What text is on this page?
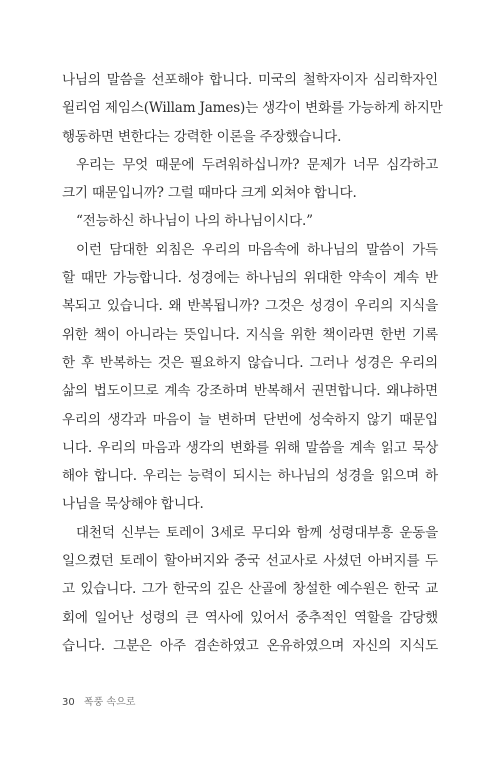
나님의 말씀을 선포해야 합니다. 미국의 철학자이자 심리학자인
윌리엄 제임스(Willam James)는 생각이 변화를 가능하게 하지만
행동하면 변한다는 강력한 이론을 주장했습니다.
우리는 무엇 때문에 두려워하십니까? 문제가 너무 심각하고
크기 때문입니까? 그럴 때마다 크게 외쳐야 합니다.
“전능하신 하나님이 나의 하나님이시다.”
이런 담대한 외침은 우리의 마음속에 하나님의 말씀이 가득
할 때만 가능합니다. 성경에는 하나님의 위대한 약속이 계속 반
복되고 있습니다. 왜 반복됩니까? 그것은 성경이 우리의 지식을
위한 책이 아니라는 뜻입니다. 지식을 위한 책이라면 한번 기록
한 후 반복하는 것은 필요하지 않습니다. 그러나 성경은 우리의
삶의 법도이므로 계속 강조하며 반복해서 권면합니다. 왜냐하면
우리의 생각과 마음이 늘 변하며 단번에 성숙하지 않기 때문입
니다. 우리의 마음과 생각의 변화를 위해 말씀을 계속 읽고 묵상
해야 합니다. 우리는 능력이 되시는 하나님의 성경을 읽으며 하
나님을 묵상해야 합니다.
대천덕 신부는 토레이 3세로 무디와 함께 성령대부흥 운동을
일으켰던 토레이 할아버지와 중국 선교사로 사셨던 아버지를 두
고 있습니다. 그가 한국의 깊은 산골에 창설한 예수원은 한국 교
회에 일어난 성령의 큰 역사에 있어서 중추적인 역할을 감당했
습니다. 그분은 아주 겸손하였고 온유하였으며 자신의 지식도
30 폭풍 속으로
